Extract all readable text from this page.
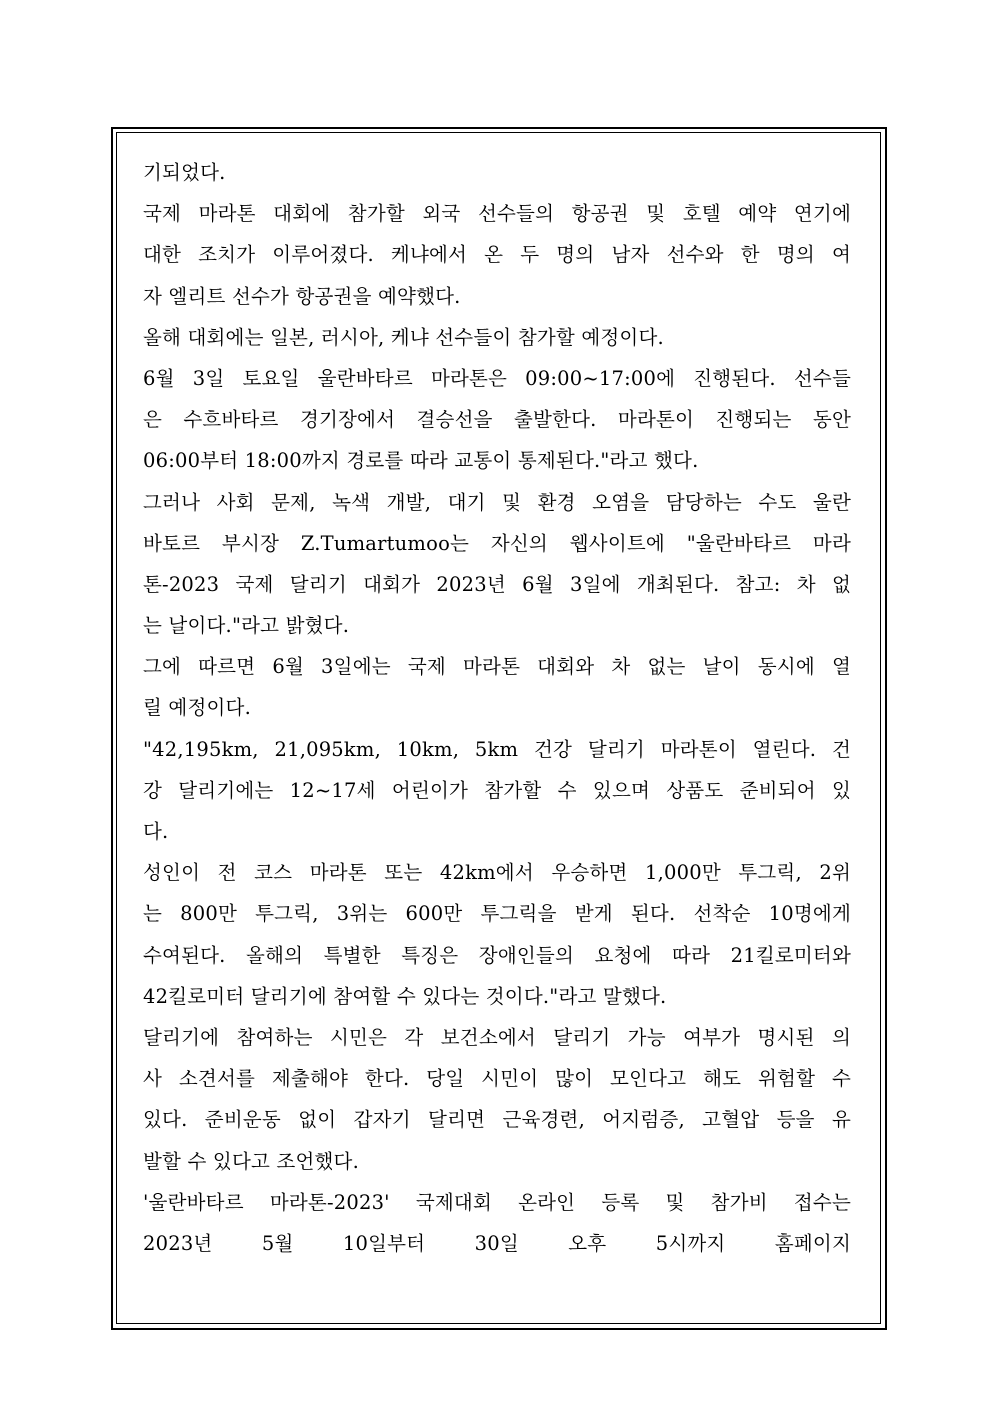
기되었다.
국제 마라톤 대회에 참가할 외국 선수들의 항공권 및 호텔 예약 연기에
대한 조치가 이루어졌다. 케냐에서 온 두 명의 남자 선수와 한 명의 여
자 엘리트 선수가 항공권을 예약했다.
올해 대회에는 일본, 러시아, 케냐 선수들이 참가할 예정이다.
6월 3일 토요일 울란바타르 마라톤은 09:00~17:00에 진행된다. 선수들
은 수흐바타르 경기장에서 결승선을 출발한다. 마라톤이 진행되는 동안
06:00부터 18:00까지 경로를 따라 교통이 통제된다."라고 했다.
그러나 사회 문제, 녹색 개발, 대기 및 환경 오염을 담당하는 수도 울란
바토르 부시장 Z.Tumartumoo는 자신의 웹사이트에 "울란바타르 마라
톤-2023 국제 달리기 대회가 2023년 6월 3일에 개최된다. 참고: 차 없
는 날이다."라고 밝혔다.
그에 따르면 6월 3일에는 국제 마라톤 대회와 차 없는 날이 동시에 열
릴 예정이다.
"42,195km, 21,095km, 10km, 5km 건강 달리기 마라톤이 열린다. 건
강 달리기에는 12~17세 어린이가 참가할 수 있으며 상품도 준비되어 있
다.
성인이 전 코스 마라톤 또는 42km에서 우승하면 1,000만 투그릭, 2위
는 800만 투그릭, 3위는 600만 투그릭을 받게 된다. 선착순 10명에게
수여된다. 올해의 특별한 특징은 장애인들의 요청에 따라 21킬로미터와
42킬로미터 달리기에 참여할 수 있다는 것이다."라고 말했다.
달리기에 참여하는 시민은 각 보건소에서 달리기 가능 여부가 명시된 의
사 소견서를 제출해야 한다. 당일 시민이 많이 모인다고 해도 위험할 수
있다. 준비운동 없이 갑자기 달리면 근육경련, 어지럼증, 고혈압 등을 유
발할 수 있다고 조언했다.
'울란바타르 마라톤-2023' 국제대회 온라인 등록 및 참가비 접수는
2023년 5월 10일부터 30일 오후 5시까지 홈페이지
